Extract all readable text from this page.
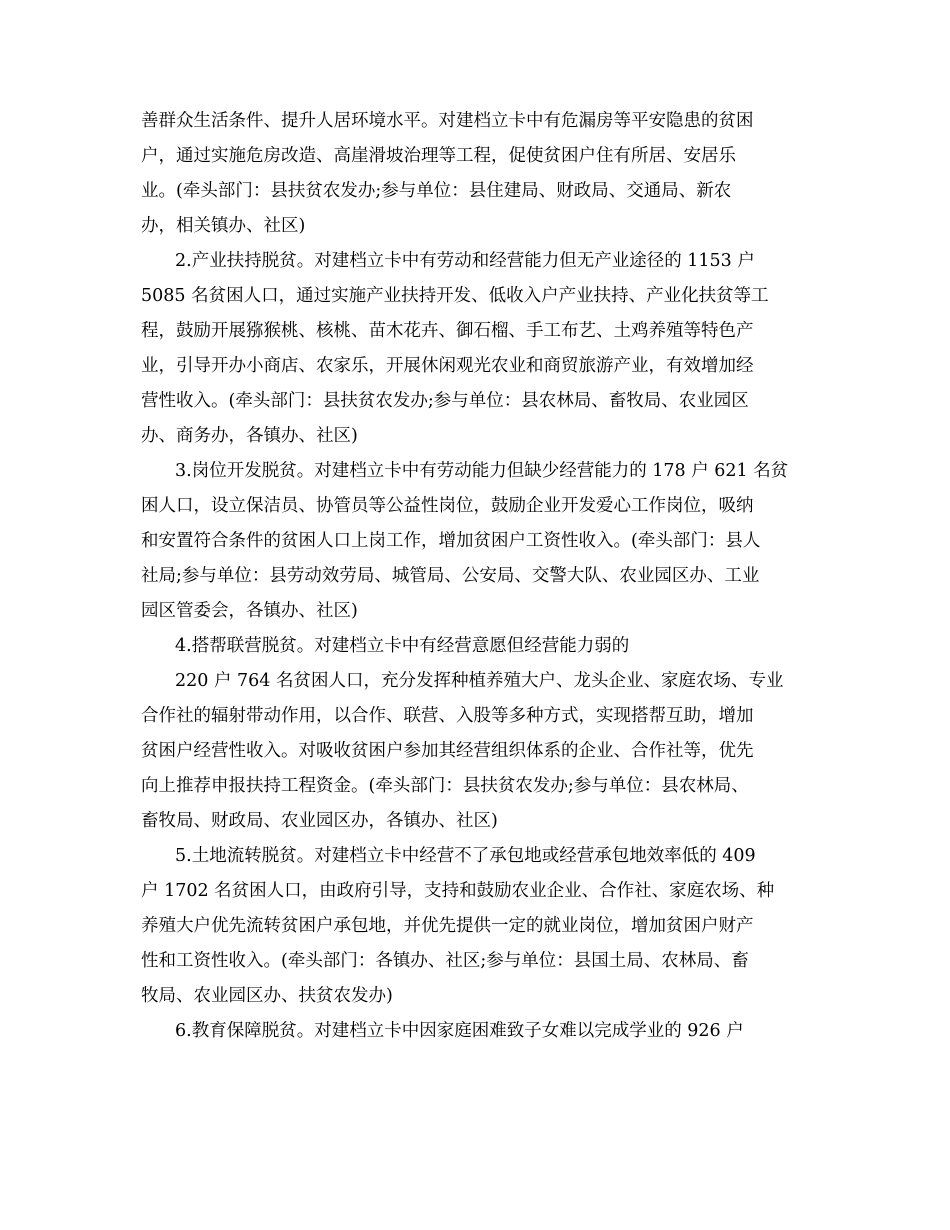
善群众生活条件、提升人居环境水平。对建档立卡中有危漏房等平安隐患的贫困
户，通过实施危房改造、高崖滑坡治理等工程，促使贫困户住有所居、安居乐
业。(牵头部门：县扶贫农发办;参与单位：县住建局、财政局、交通局、新农
办，相关镇办、社区)
2.产业扶持脱贫。对建档立卡中有劳动和经营能力但无产业途径的 1153 户
5085 名贫困人口，通过实施产业扶持开发、低收入户产业扶持、产业化扶贫等工
程，鼓励开展猕猴桃、核桃、苗木花卉、御石榴、手工布艺、土鸡养殖等特色产
业，引导开办小商店、农家乐，开展休闲观光农业和商贸旅游产业，有效增加经
营性收入。(牵头部门：县扶贫农发办;参与单位：县农林局、畜牧局、农业园区
办、商务办，各镇办、社区)
3.岗位开发脱贫。对建档立卡中有劳动能力但缺少经营能力的 178 户 621 名贫
困人口，设立保洁员、协管员等公益性岗位，鼓励企业开发爱心工作岗位，吸纳
和安置符合条件的贫困人口上岗工作，增加贫困户工资性收入。(牵头部门：县人
社局;参与单位：县劳动效劳局、城管局、公安局、交警大队、农业园区办、工业
园区管委会，各镇办、社区)
4.搭帮联营脱贫。对建档立卡中有经营意愿但经营能力弱的
220 户 764 名贫困人口，充分发挥种植养殖大户、龙头企业、家庭农场、专业
合作社的辐射带动作用，以合作、联营、入股等多种方式，实现搭帮互助，增加
贫困户经营性收入。对吸收贫困户参加其经营组织体系的企业、合作社等，优先
向上推荐申报扶持工程资金。(牵头部门：县扶贫农发办;参与单位：县农林局、
畜牧局、财政局、农业园区办，各镇办、社区)
5.土地流转脱贫。对建档立卡中经营不了承包地或经营承包地效率低的 409
户 1702 名贫困人口，由政府引导，支持和鼓励农业企业、合作社、家庭农场、种
养殖大户优先流转贫困户承包地，并优先提供一定的就业岗位，增加贫困户财产
性和工资性收入。(牵头部门：各镇办、社区;参与单位：县国土局、农林局、畜
牧局、农业园区办、扶贫农发办)
6.教育保障脱贫。对建档立卡中因家庭困难致子女难以完成学业的 926 户
